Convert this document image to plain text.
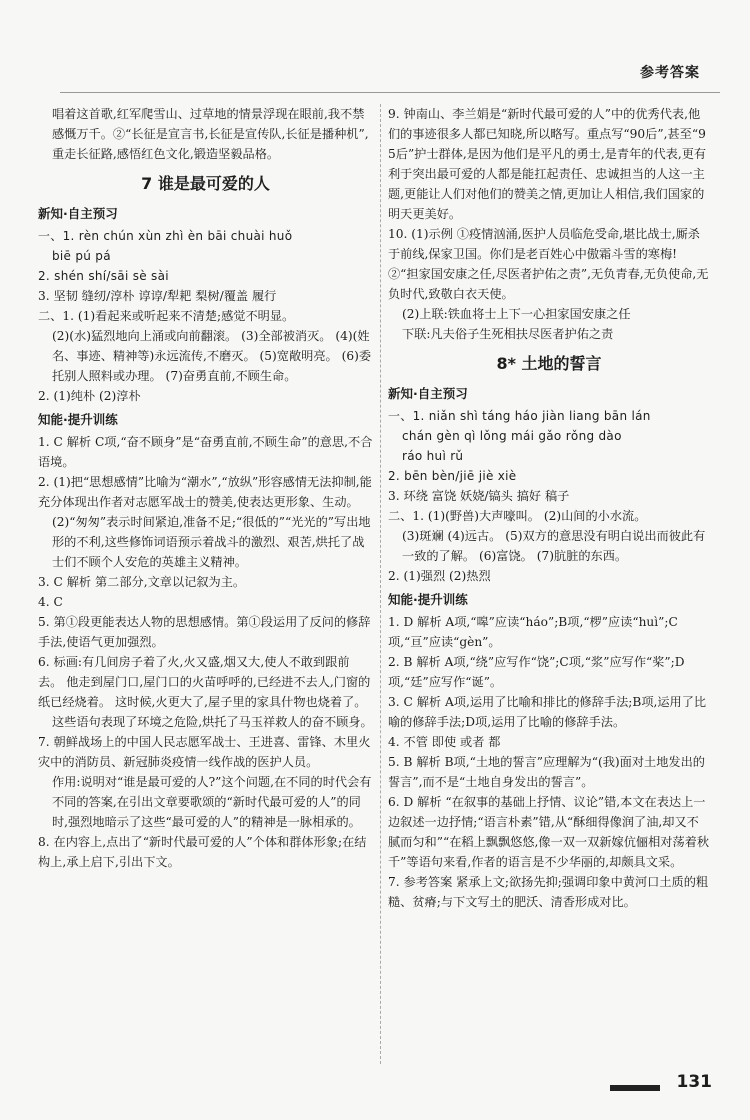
参考答案
唱着这首歌,红军爬雪山、过草地的情景浮现在眼前,我不禁感慨万千。②“长征是宣言书,长征是宣传队,长征是播种机”,重走长征路,感悟红色文化,锻造坚毅品格。
7 谁是最可爱的人
新知·自主预习
一、1. rèn chún xùn zhì èn bāi chuài huǒ
biē pú pá
2. shén shí/sāi sè sài
3. 坚韧 缝纫/淳朴 谆谆/犁耙 梨树/覆盖 履行
二、1. (1)看起来或听起来不清楚;感觉不明显。
(2)(水)猛烈地向上涌或向前翻滚。 (3)全部被消灭。 (4)(姓名、事迹、精神等)永远流传,不磨灭。 (5)宽敞明亮。 (6)委托别人照料或办理。 (7)奋勇直前,不顾生命。
2. (1)纯朴 (2)淳朴
知能·提升训练
1. C 解析 C项,“奋不顾身”是“奋勇直前,不顾生命”的意思,不合语境。
2. (1)把“思想感情”比喻为“潮水”,“放纵”形容感情无法抑制,能充分体现出作者对志愿军战士的赞美,使表达更形象、生动。
(2)“匆匆”表示时间紧迫,准备不足;“很低的”“光光的”写出地形的不利,这些修饰词语预示着战斗的激烈、艰苦,烘托了战士们不顾个人安危的英雄主义精神。
3. C 解析 第二部分,文章以记叙为主。
4. C
5. 第①段更能表达人物的思想感情。第①段运用了反问的修辞手法,使语气更加强烈。
6. 标画:有几间房子着了火,火又盛,烟又大,使人不敢到跟前去。 他走到屋门口,屋门口的火苗呼呼的,已经进不去人,门窗的纸已经烧着。 这时候,火更大了,屋子里的家具什物也烧着了。
这些语句表现了环境之危险,烘托了马玉祥救人的奋不顾身。
7. 朝鲜战场上的中国人民志愿军战士、王进喜、雷锋、木里火灾中的消防员、新冠肺炎疫情一线作战的医护人员。
作用:说明对“谁是最可爱的人?”这个问题,在不同的时代会有不同的答案,在引出文章要歌颂的“新时代最可爱的人”的同时,强烈地暗示了这些“最可爱的人”的精神是一脉相承的。
8. 在内容上,点出了“新时代最可爱的人”个体和群体形象;在结构上,承上启下,引出下文。
9. 钟南山、李兰娟是“新时代最可爱的人”中的优秀代表,他们的事迹很多人都已知晓,所以略写。重点写“90后”,甚至“95后”护士群体,是因为他们是平凡的勇士,是青年的代表,更有利于突出最可爱的人都是能扛起责任、忠诚担当的人这一主题,更能让人们对他们的赞美之情,更加让人相信,我们国家的明天更美好。
10. (1)示例 ①疫情汹涌,医护人员临危受命,堪比战士,厮杀于前线,保家卫国。你们是老百姓心中傲霜斗雪的寒梅! ②“担家国安康之任,尽医者护佑之责”,无负青春,无负使命,无负时代,致敬白衣天使。
(2)上联:铁血将士上下一心担家国安康之任
下联:凡夫俗子生死相扶尽医者护佑之责
8* 土地的誓言
新知·自主预习
一、1. niǎn shì táng háo jiàn liang bān lán
chán gèn qì lǒng mái gǎo rǒng dào
ráo huì rǔ
2. bēn bèn/jiē jiè xiè
3. 环绕 富饶 妖娆/镐头 搞好 稿子
二、1. (1)(野兽)大声嚎叫。 (2)山间的小水流。
(3)斑斓 (4)远古。 (5)双方的意思没有明白说出而彼此有一致的了解。 (6)富饶。 (7)肮脏的东西。
2. (1)强烈 (2)热烈
知能·提升训练
1. D 解析 A项,“嗥”应读“háo”;B项,“椤”应读“huì”;C项,“亘”应读“gèn”。
2. B 解析 A项,“绕”应写作“饶”;C项,“浆”应写作“桨”;D项,“廷”应写作“诞”。
3. C 解析 A项,运用了比喻和排比的修辞手法;B项,运用了比喻的修辞手法;D项,运用了比喻的修辞手法。
4. 不管 即使 或者 都
5. B 解析 B项,“土地的誓言”应理解为“(我)面对土地发出的誓言”,而不是“土地自身发出的誓言”。
6. D 解析 “在叙事的基础上抒情、议论”错,本文在表达上一边叙述一边抒情;“语言朴素”错,从“酥细得像润了油,却又不腻而匀和”“在稻上飘飘悠悠,像一双一双新嫁伉俪相对荡着秋千”等语句来看,作者的语言是不少华丽的,却颇具文采。
7. 参考答案 紧承上文;欲扬先抑;强调印象中黄河口土质的粗糙、贫瘠;与下文写土的肥沃、清香形成对比。
131
